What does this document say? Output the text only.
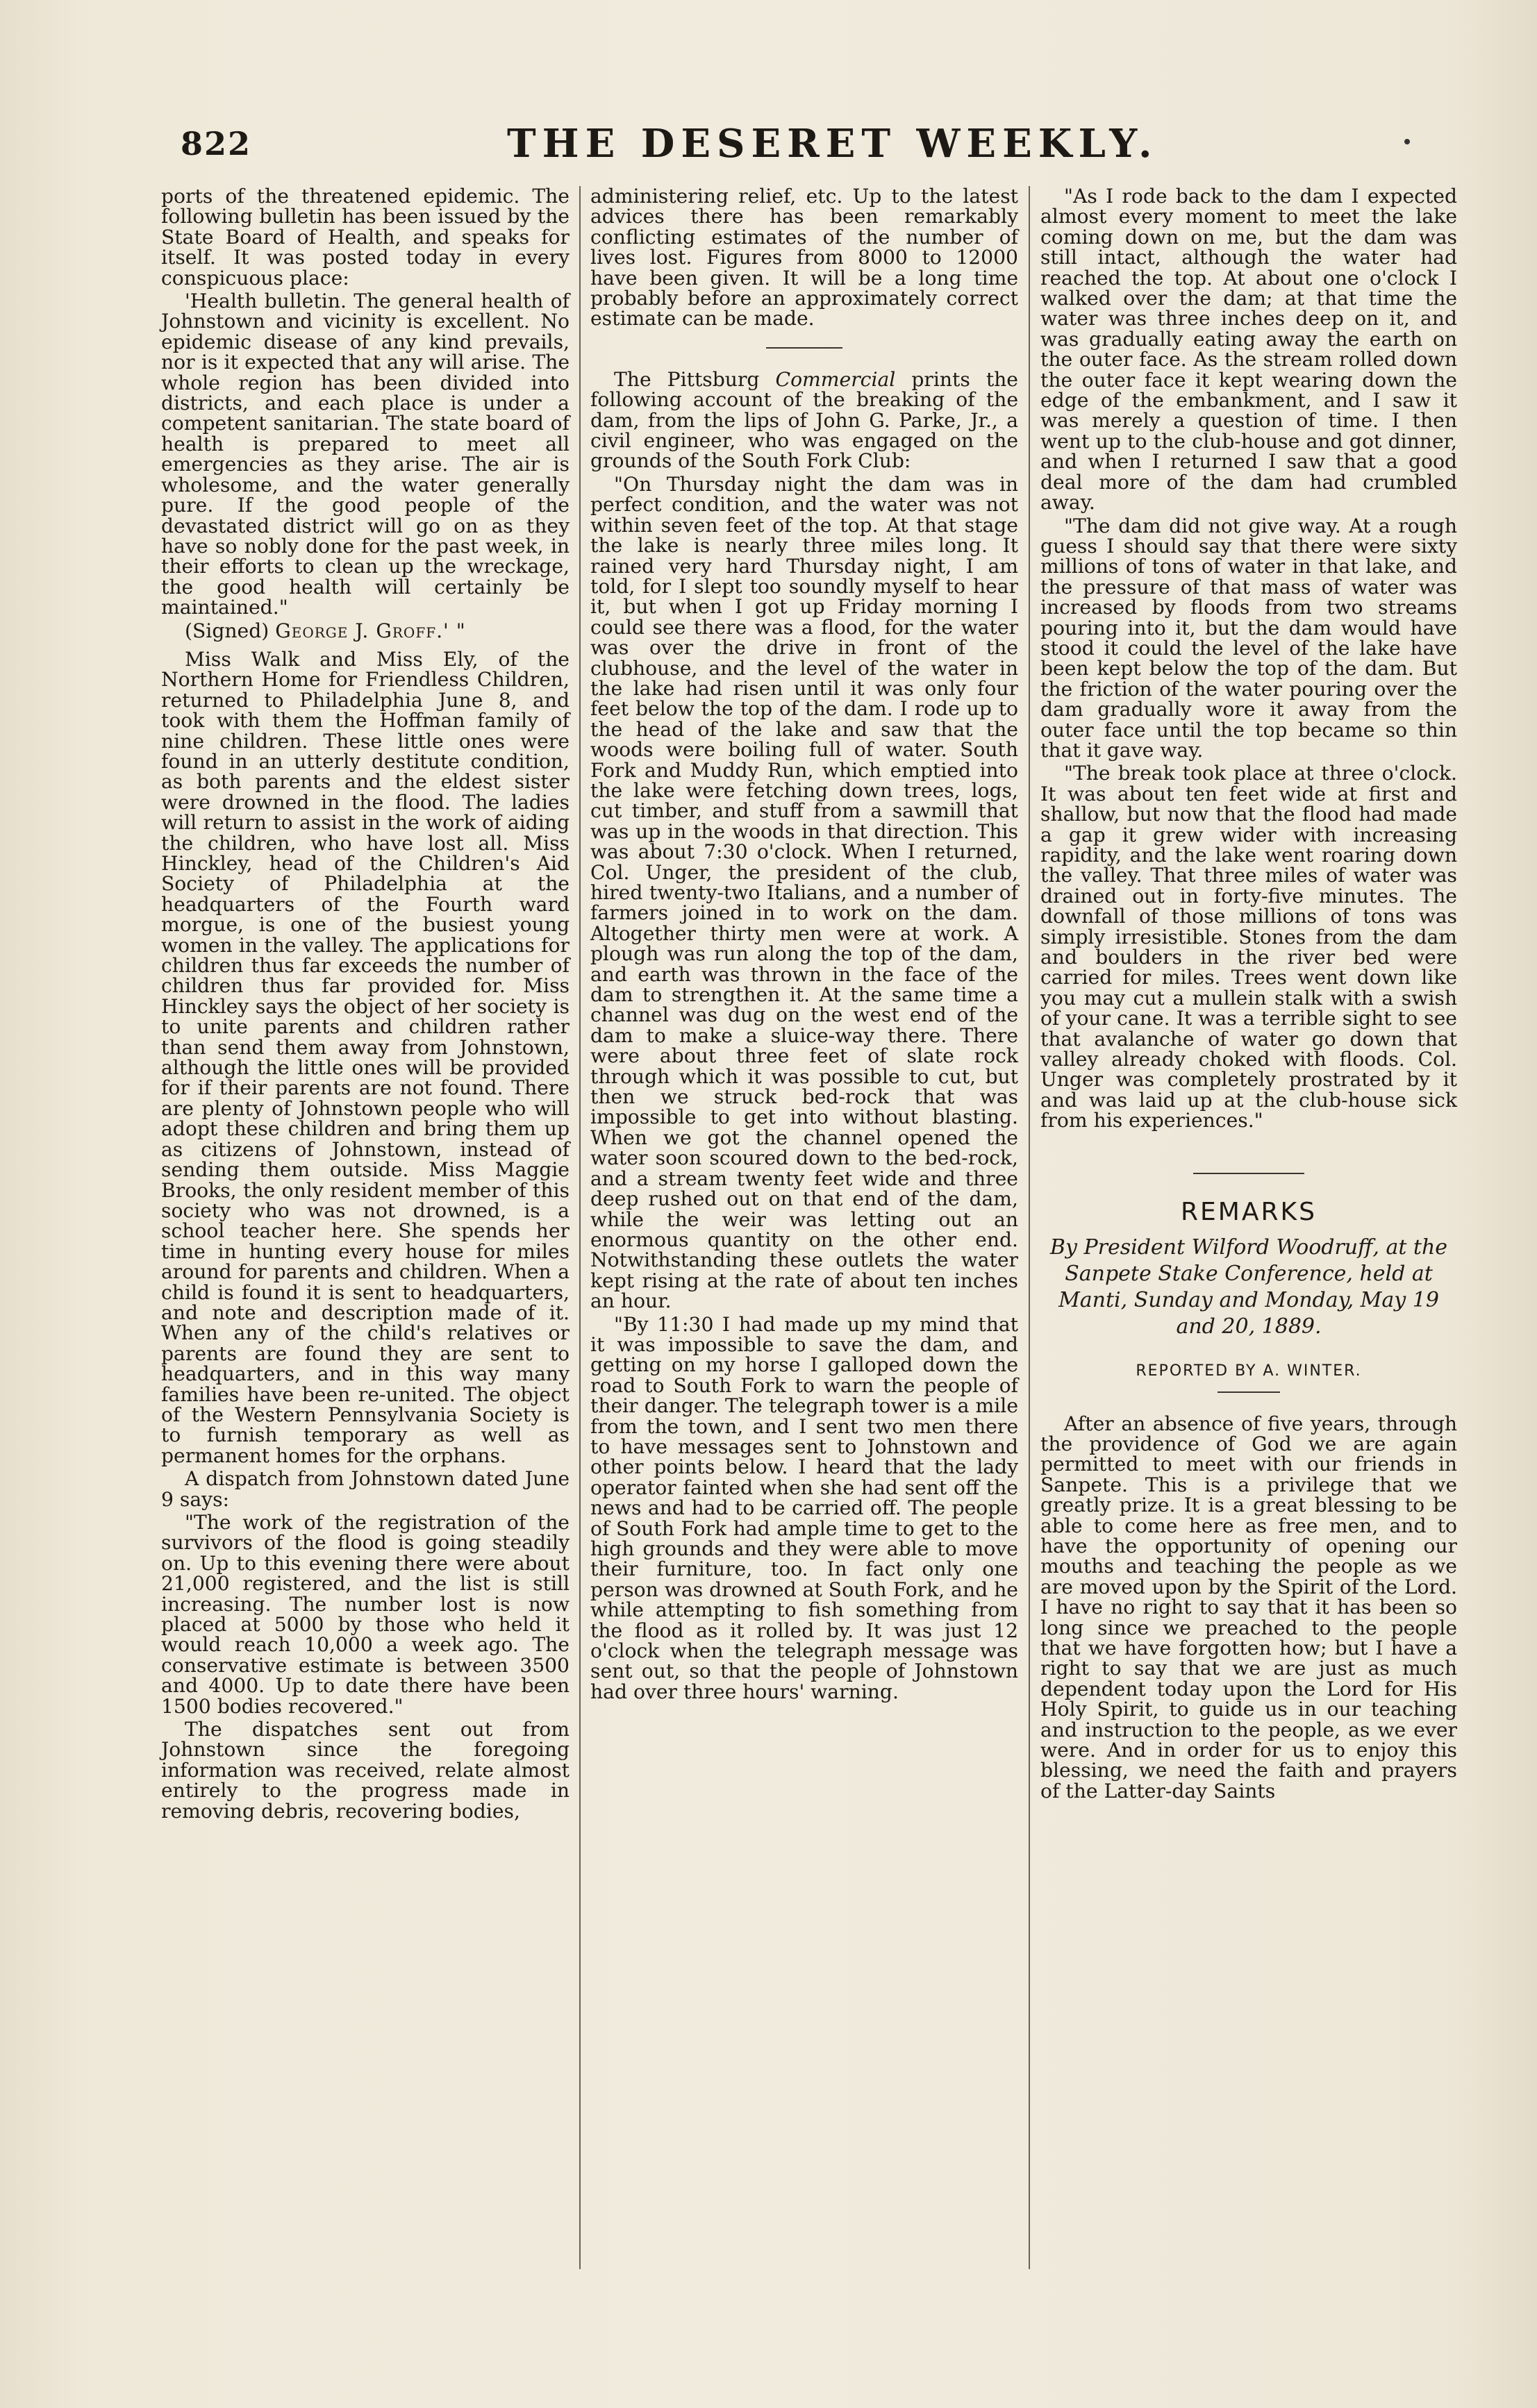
822	THE DESERET WEEKLY.

ports of the threatened epidemic. The following bulletin has been issued by the State Board of Health, and speaks for itself. It was posted today in every conspicuous place:

'Health bulletin. The general health of Johnstown and vicinity is excellent. No epidemic disease of any kind prevails, nor is it expected that any will arise. The whole region has been divided into districts, and each place is under a competent sanitarian. The state board of health is prepared to meet all emergencies as they arise. The air is wholesome, and the water generally pure. If the good people of the devastated district will go on as they have so nobly done for the past week, in their efforts to clean up the wreckage, the good health will certainly be maintained."

(Signed) George J. Groff.' "

Miss Walk and Miss Ely, of the Northern Home for Friendless Children, returned to Philadelphia June 8, and took with them the Hoffman family of nine children. These little ones were found in an utterly destitute condition, as both parents and the eldest sister were drowned in the flood. The ladies will return to assist in the work of aiding the children, who have lost all. Miss Hinckley, head of the Children's Aid Society of Philadelphia at the headquarters of the Fourth ward morgue, is one of the busiest young women in the valley. The applications for children thus far exceeds the number of children thus far provided for. Miss Hinckley says the object of her society is to unite parents and children rather than send them away from Johnstown, although the little ones will be provided for if their parents are not found. There are plenty of Johnstown people who will adopt these children and bring them up as citizens of Johnstown, instead of sending them outside. Miss Maggie Brooks, the only resident member of this society who was not drowned, is a school teacher here. She spends her time in hunting every house for miles around for parents and children. When a child is found it is sent to headquarters, and note and description made of it. When any of the child's relatives or parents are found they are sent to headquarters, and in this way many families have been re-united. The object of the Western Pennsylvania Society is to furnish temporary as well as permanent homes for the orphans.

A dispatch from Johnstown dated June 9 says:

"The work of the registration of the survivors of the flood is going steadily on. Up to this evening there were about 21,000 registered, and the list is still increasing. The number lost is now placed at 5000 by those who held it would reach 10,000 a week ago. The conservative estimate is between 3500 and 4000. Up to date there have been 1500 bodies recovered."

The dispatches sent out from Johnstown since the foregoing information was received, relate almost entirely to the progress made in removing debris, recovering bodies,

administering relief, etc. Up to the latest advices there has been remarkably conflicting estimates of the number of lives lost. Figures from 8000 to 12000 have been given. It will be a long time probably before an approximately correct estimate can be made.

The Pittsburg Commercial prints the following account of the breaking of the dam, from the lips of John G. Parke, Jr., a civil engineer, who was engaged on the grounds of the South Fork Club:

"On Thursday night the dam was in perfect condition, and the water was not within seven feet of the top. At that stage the lake is nearly three miles long. It rained very hard Thursday night, I am told, for I slept too soundly myself to hear it, but when I got up Friday morning I could see there was a flood, for the water was over the drive in front of the clubhouse, and the level of the water in the lake had risen until it was only four feet below the top of the dam. I rode up to the head of the lake and saw that the woods were boiling full of water. South Fork and Muddy Run, which emptied into the lake were fetching down trees, logs, cut timber, and stuff from a sawmill that was up in the woods in that direction. This was about 7:30 o'clock. When I returned, Col. Unger, the president of the club, hired twenty-two Italians, and a number of farmers joined in to work on the dam. Altogether thirty men were at work. A plough was run along the top of the dam, and earth was thrown in the face of the dam to strengthen it. At the same time a channel was dug on the west end of the dam to make a sluice-way there. There were about three feet of slate rock through which it was possible to cut, but then we struck bed-rock that was impossible to get into without blasting. When we got the channel opened the water soon scoured down to the bed-rock, and a stream twenty feet wide and three deep rushed out on that end of the dam, while the weir was letting out an enormous quantity on the other end. Notwithstanding these outlets the water kept rising at the rate of about ten inches an hour.

"By 11:30 I had made up my mind that it was impossible to save the dam, and getting on my horse I galloped down the road to South Fork to warn the people of their danger. The telegraph tower is a mile from the town, and I sent two men there to have messages sent to Johnstown and other points below. I heard that the lady operator fainted when she had sent off the news and had to be carried off. The people of South Fork had ample time to get to the high grounds and they were able to move their furniture, too. In fact only one person was drowned at South Fork, and he while attempting to fish something from the flood as it rolled by. It was just 12 o'clock when the telegraph message was sent out, so that the people of Johnstown had over three hours' warning.

"As I rode back to the dam I expected almost every moment to meet the lake coming down on me, but the dam was still intact, although the water had reached the top. At about one o'clock I walked over the dam; at that time the water was three inches deep on it, and was gradually eating away the earth on the outer face. As the stream rolled down the outer face it kept wearing down the edge of the embankment, and I saw it was merely a question of time. I then went up to the club-house and got dinner, and when I returned I saw that a good deal more of the dam had crumbled away.

"The dam did not give way. At a rough guess I should say that there were sixty millions of tons of water in that lake, and the pressure of that mass of water was increased by floods from two streams pouring into it, but the dam would have stood it could the level of the lake have been kept below the top of the dam. But the friction of the water pouring over the dam gradually wore it away from the outer face until the top became so thin that it gave way.

"The break took place at three o'clock. It was about ten feet wide at first and shallow, but now that the flood had made a gap it grew wider with increasing rapidity, and the lake went roaring down the valley. That three miles of water was drained out in forty-five minutes. The downfall of those millions of tons was simply irresistible. Stones from the dam and boulders in the river bed were carried for miles. Trees went down like you may cut a mullein stalk with a swish of your cane. It was a terrible sight to see that avalanche of water go down that valley already choked with floods. Col. Unger was completely prostrated by it and was laid up at the club-house sick from his experiences."

REMARKS
By President Wilford Woodruff, at the Sanpete Stake Conference, held at Manti, Sunday and Monday, May 19 and 20, 1889.
REPORTED BY A. WINTER.

After an absence of five years, through the providence of God we are again permitted to meet with our friends in Sanpete. This is a privilege that we greatly prize. It is a great blessing to be able to come here as free men, and to have the opportunity of opening our mouths and teaching the people as we are moved upon by the Spirit of the Lord. I have no right to say that it has been so long since we preached to the people that we have forgotten how; but I have a right to say that we are just as much dependent today upon the Lord for His Holy Spirit, to guide us in our teaching and instruction to the people, as we ever were. And in order for us to enjoy this blessing, we need the faith and prayers of the Latter-day Saints
